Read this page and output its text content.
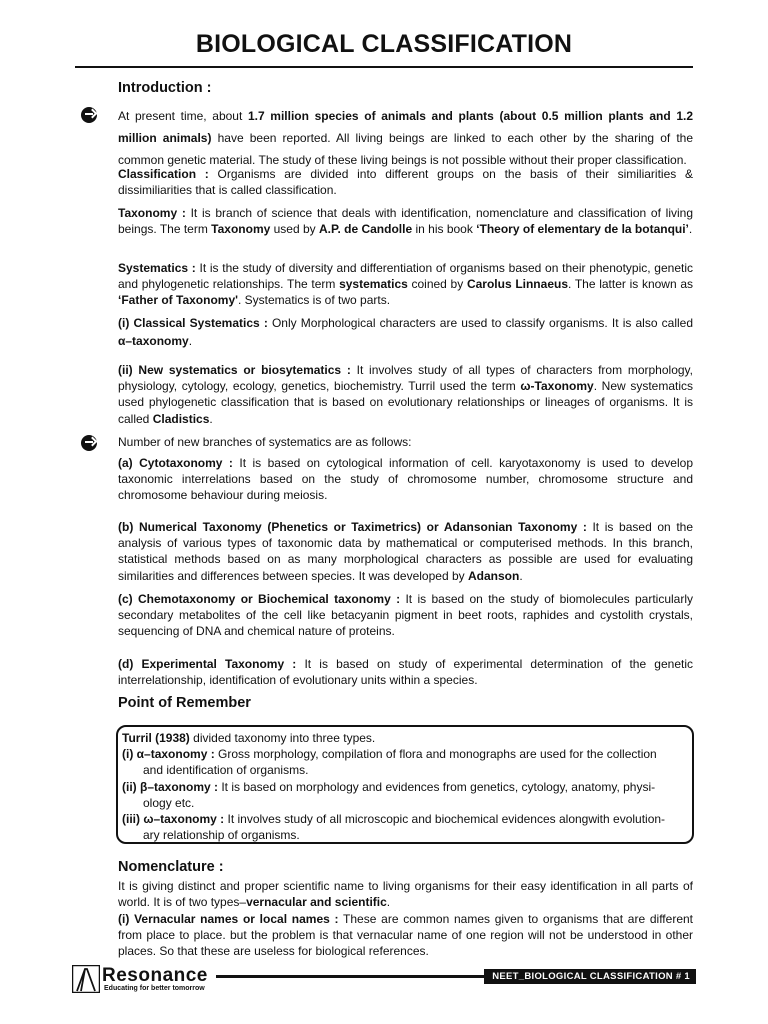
BIOLOGICAL CLASSIFICATION
Introduction :

At present time, about 1.7 million species of animals and plants (about 0.5 million plants and 1.2 million animals) have been reported. All living beings are linked to each other by the sharing of the common genetic material. The study of these living beings is not possible without their proper classification.

Classification : Organisms are divided into different groups on the basis of their similiarities & dissimiliarities that is called classification.

Taxonomy : It is branch of science that deals with identification, nomenclature and classification of living beings. The term Taxonomy used by A.P. de Candolle in his book ‘Theory of elementary de la botanqui’.

Systematics : It is the study of diversity and differentiation of organisms based on their phenotypic, genetic and phylogenetic relationships. The term systematics coined by Carolus Linnaeus. The latter is known as ‘Father of Taxonomy'. Systematics is of two parts.

(i) Classical Systematics : Only Morphological characters are used to classify organisms. It is also called α–taxonomy.

(ii) New systematics or biosytematics : It involves study of all types of characters from morphology, physiology, cytology, ecology, genetics, biochemistry. Turril used the term ω-Taxonomy. New systematics used phylogenetic classification that is based on evolutionary relationships or lineages of organisms. It is called Cladistics.

Number of new branches of systematics are as follows:

(a) Cytotaxonomy : It is based on cytological information of cell. karyotaxonomy is used to develop taxonomic interrelations based on the study of chromosome number, chromosome structure and chromosome behaviour during meiosis.

(b) Numerical Taxonomy (Phenetics or Taximetrics) or Adansonian Taxonomy : It is based on the analysis of various types of taxonomic data by mathematical or computerised methods. In this branch, statistical methods based on as many morphological characters as possible are used for evaluating similarities and differences between species. It was developed by Adanson.

(c) Chemotaxonomy or Biochemical taxonomy : It is based on the study of biomolecules particularly secondary metabolites of the cell like betacyanin pigment in beet roots, raphides and cystolith crystals, sequencing of DNA and chemical nature of proteins.

(d) Experimental Taxonomy : It is based on study of experimental determination of the genetic interrelationship, identification of evolutionary units within a species.

Point of Remember

Turril (1938) divided taxonomy into three types.

(i) α–taxonomy : Gross morphology, compilation of flora and monographs are used for the collection

and identification of organisms.

(ii) β–taxonomy : It is based on morphology and evidences from genetics, cytology, anatomy, physi-

ology etc.

(iii) ω–taxonomy : It involves study of all microscopic and biochemical evidences alongwith evolution-

ary relationship of organisms.

Nomenclature :

It is giving distinct and proper scientific name to living organisms for their easy identification in all parts of world. It is of two types–vernacular and scientific.

(i) Vernacular names or local names : These are common names given to organisms that are different from place to place. but the problem is that vernacular name of one region will not be understood in other places. So that these are useless for biological references.

Resonance
Educating for better tomorrow
NEET_BIOLOGICAL CLASSIFICATION # 1
